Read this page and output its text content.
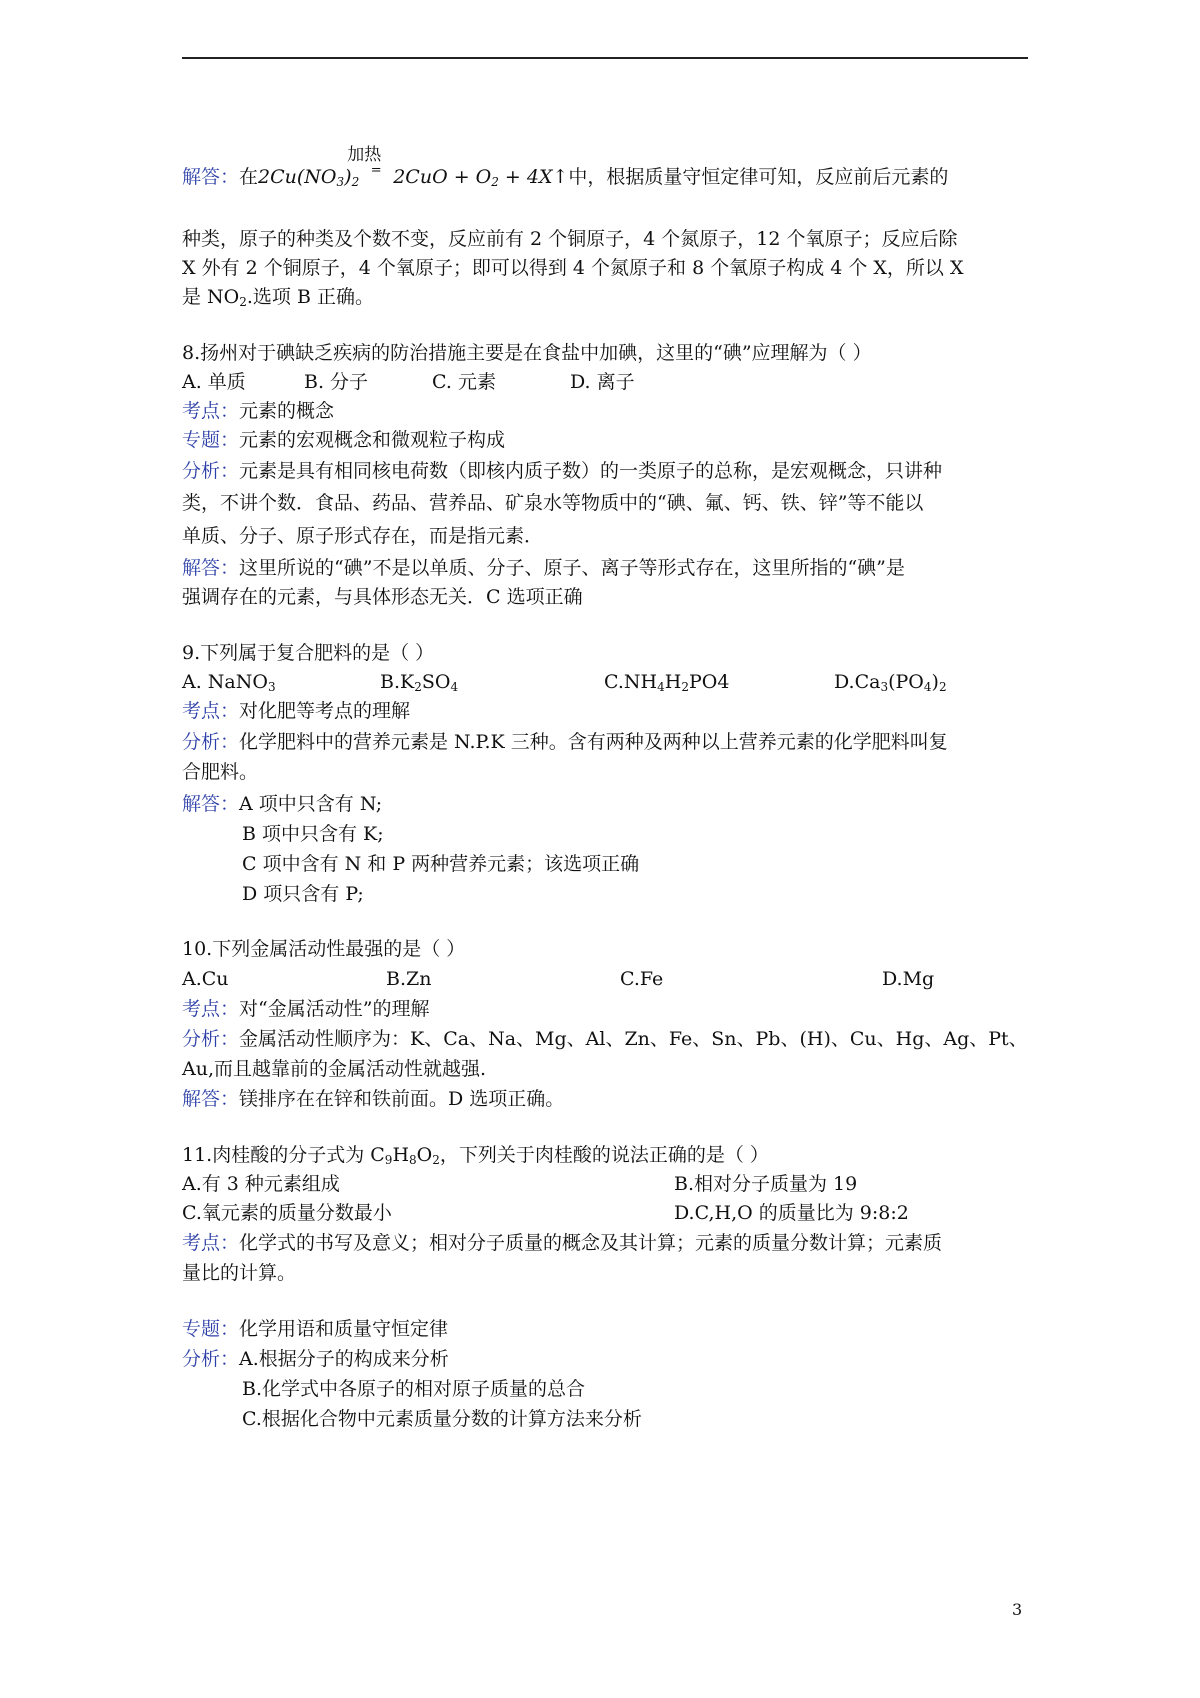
解答：在$2Cu(NO_3)_2$
加热
= $2CuO + O_2$ + 4X↑中，根据质量守恒定律可知，反应前后元素的
种类，原子的种类及个数不变，反应前有 2 个铜原子，4 个氮原子，12 个氧原子；反应后除
X 外有 2 个铜原子，4 个氧原子；即可以得到 4 个氮原子和 8 个氧原子构成 4 个 X，所以 X
是 $NO_2$.选项 B 正确。
8.扬州对于碘缺乏疾病的防治措施主要是在食盐中加碘，这里的“碘”应理解为（ ）
A. 单质	B. 分子	C. 元素	D. 离子
考点：元素的概念
专题：元素的宏观概念和微观粒子构成
分析：元素是具有相同核电荷数（即核内质子数）的一类原子的总称，是宏观概念，只讲种
类，不讲个数．食品、药品、营养品、矿泉水等物质中的“碘、氟、钙、铁、锌”等不能以
单质、分子、原子形式存在，而是指元素．
解答：这里所说的“碘”不是以单质、分子、原子、离子等形式存在，这里所指的“碘”是
强调存在的元素，与具体形态无关．C 选项正确
9.下列属于复合肥料的是（ ）
A. NaNO$_3$	$B.K_2SO_4$	$C.NH_4H_2PO4$	$D.Ca_3(PO_4)_2$
考点：对化肥等考点的理解
分析：化学肥料中的营养元素是 N.P.K 三种。含有两种及两种以上营养元素的化学肥料叫复
合肥料。
解答：A 项中只含有 N;
B 项中只含有 K;
C 项中含有 N 和 P 两种营养元素；该选项正确
D 项只含有 P;
10.下列金属活动性最强的是（ ）
A.Cu	B.Zn	C.Fe	D.Mg
考点：对“金属活动性”的理解
分析：金属活动性顺序为：K、Ca、Na、Mg、Al、Zn、Fe、Sn、Pb、(H)、Cu、Hg、Ag、Pt、
Au,而且越靠前的金属活动性就越强.
解答：镁排序在在锌和铁前面。D 选项正确。
11.肉桂酸的分子式为 $C_9H_8O_2$，下列关于肉桂酸的说法正确的是（ ）
A.有 3 种元素组成	B.相对分子质量为 19
C.氧元素的质量分数最小	D.C,H,O 的质量比为 9:8:2
考点：化学式的书写及意义；相对分子质量的概念及其计算；元素的质量分数计算；元素质
量比的计算。
专题：化学用语和质量守恒定律
分析：A.根据分子的构成来分析
B.化学式中各原子的相对原子质量的总合
C.根据化合物中元素质量分数的计算方法来分析
3
